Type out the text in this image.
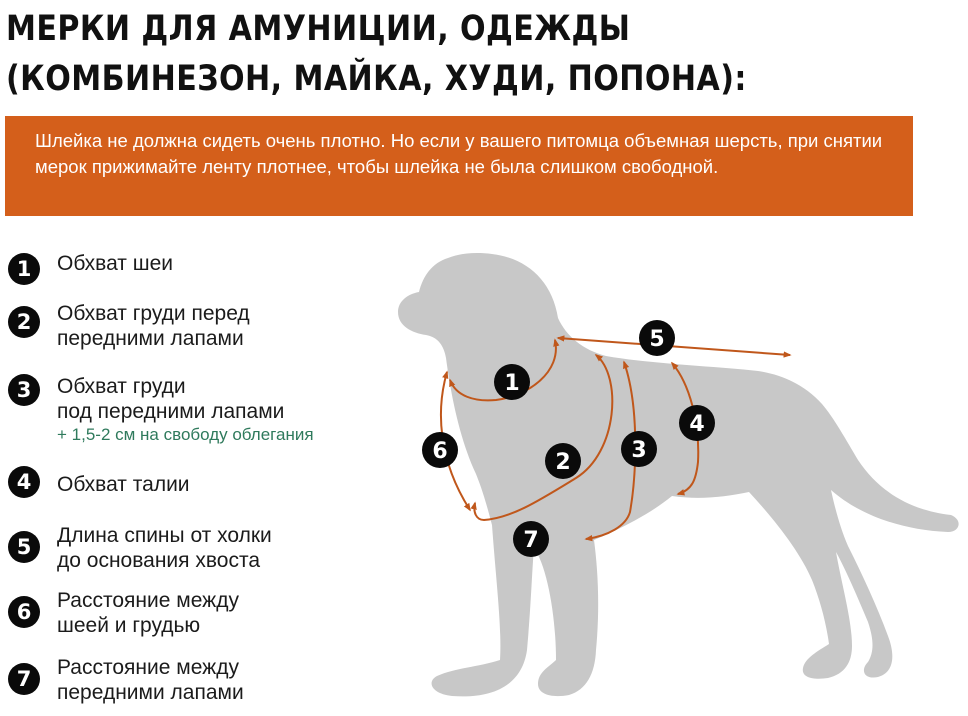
МЕРКИ ДЛЯ АМУНИЦИИ, ОДЕЖДЫ
(КОМБИНЕЗОН, МАЙКА, ХУДИ, ПОПОНА):

Шлейка не должна сидеть очень плотно. Но если у вашего питомца объемная шерсть, при снятии мерок прижимайте ленту плотнее, чтобы шлейка не была слишком свободной.

1	Обхват шеи
2	Обхват груди перед
передними лапами
3	Обхват груди
под передними лапами
+ 1,5-2 см на свободу облегания
4	Обхват талии
5	Длина спины от холки
до основания хвоста
6	Расстояние между
шеей и грудью
7	Расстояние между
передними лапами
1
2	3
4
5
6
7
